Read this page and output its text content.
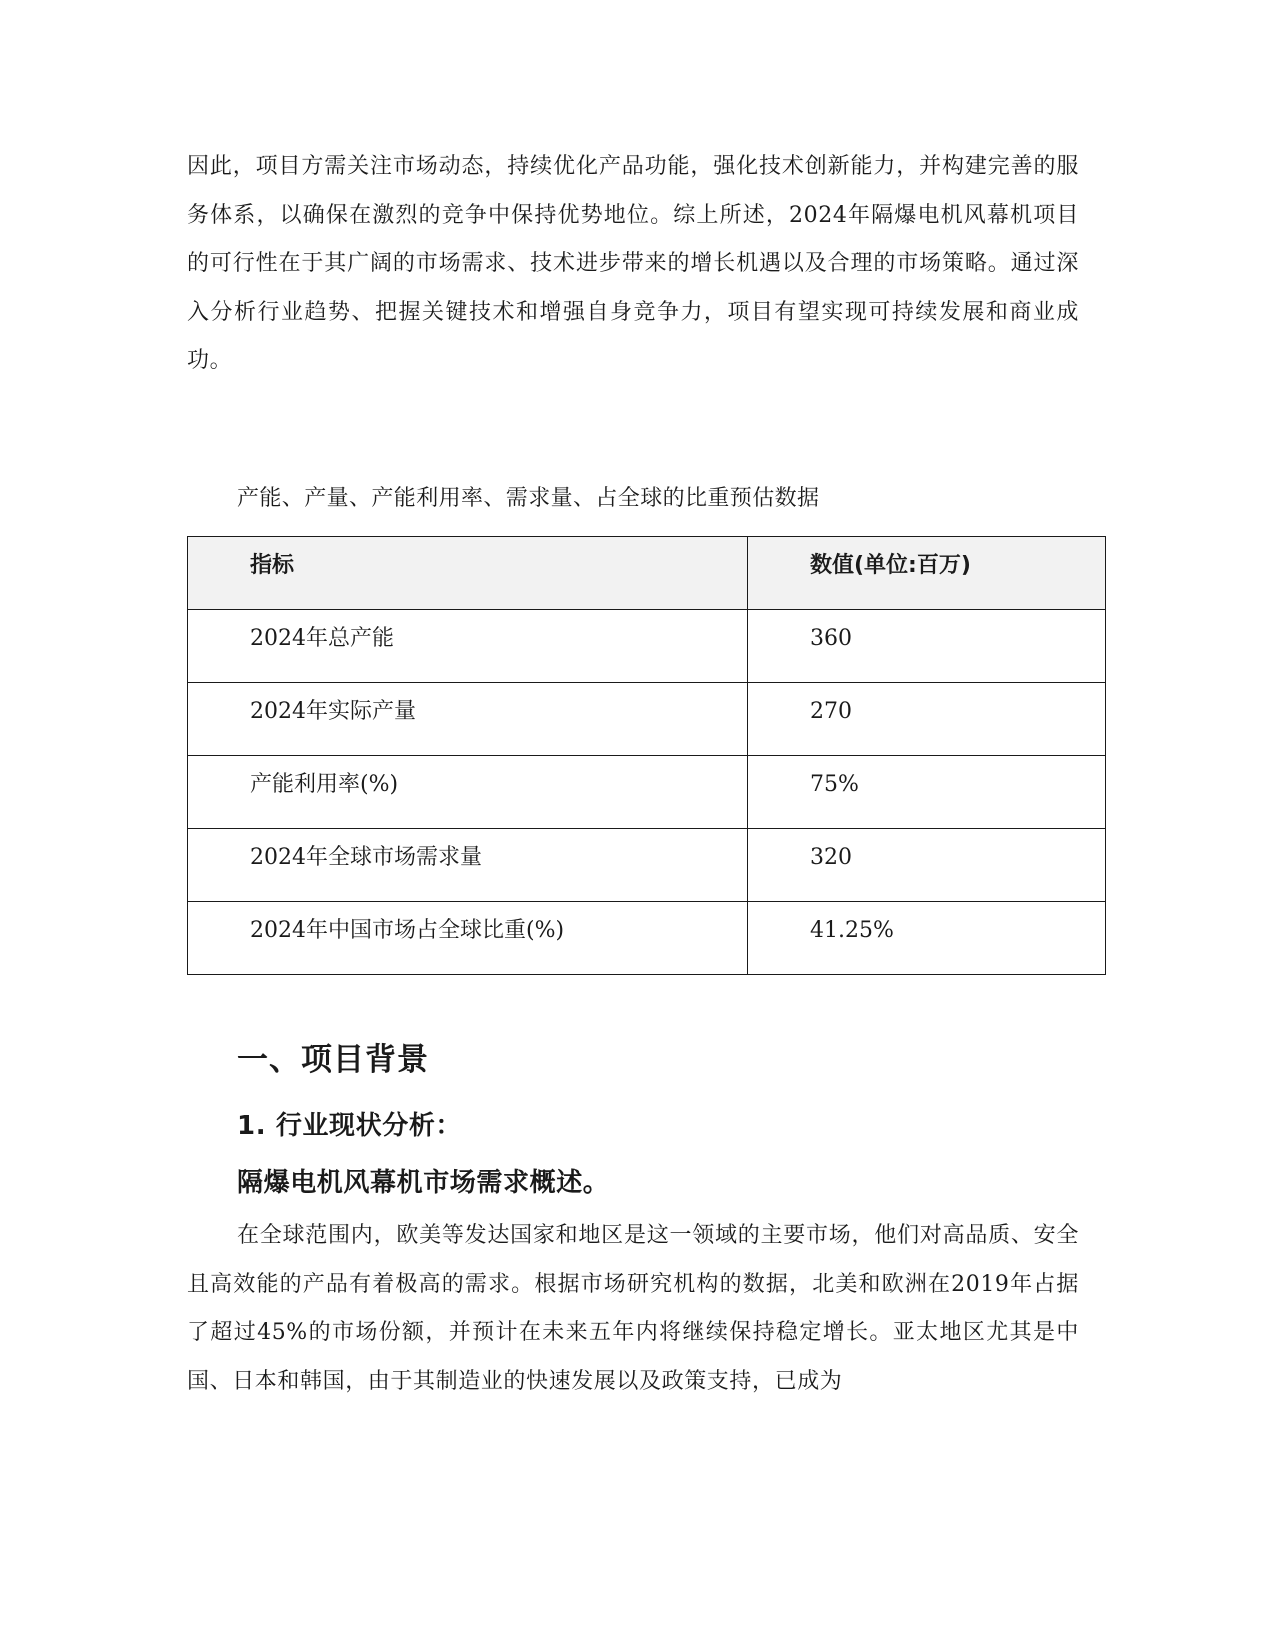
因此，项目方需关注市场动态，持续优化产品功能，强化技术创新能力，并构建完善的服务体系，以确保在激烈的竞争中保持优势地位。综上所述，2024年隔爆电机风幕机项目的可行性在于其广阔的市场需求、技术进步带来的增长机遇以及合理的市场策略。通过深入分析行业趋势、把握关键技术和增强自身竞争力，项目有望实现可持续发展和商业成功。

产能、产量、产能利用率、需求量、占全球的比重预估数据

指标	数值(单位:百万)
2024年总产能	360
2024年实际产量	270
产能利用率(%)	75%
2024年全球市场需求量	320
2024年中国市场占全球比重(%)	41.25%
一、项目背景
1. 行业现状分析：
隔爆电机风幕机市场需求概述。

在全球范围内，欧美等发达国家和地区是这一领域的主要市场，他们对高品质、安全且高效能的产品有着极高的需求。根据市场研究机构的数据，北美和欧洲在2019年占据了超过45%的市场份额，并预计在未来五年内将继续保持稳定增长。亚太地区尤其是中国、日本和韩国，由于其制造业的快速发展以及政策支持，已成为
